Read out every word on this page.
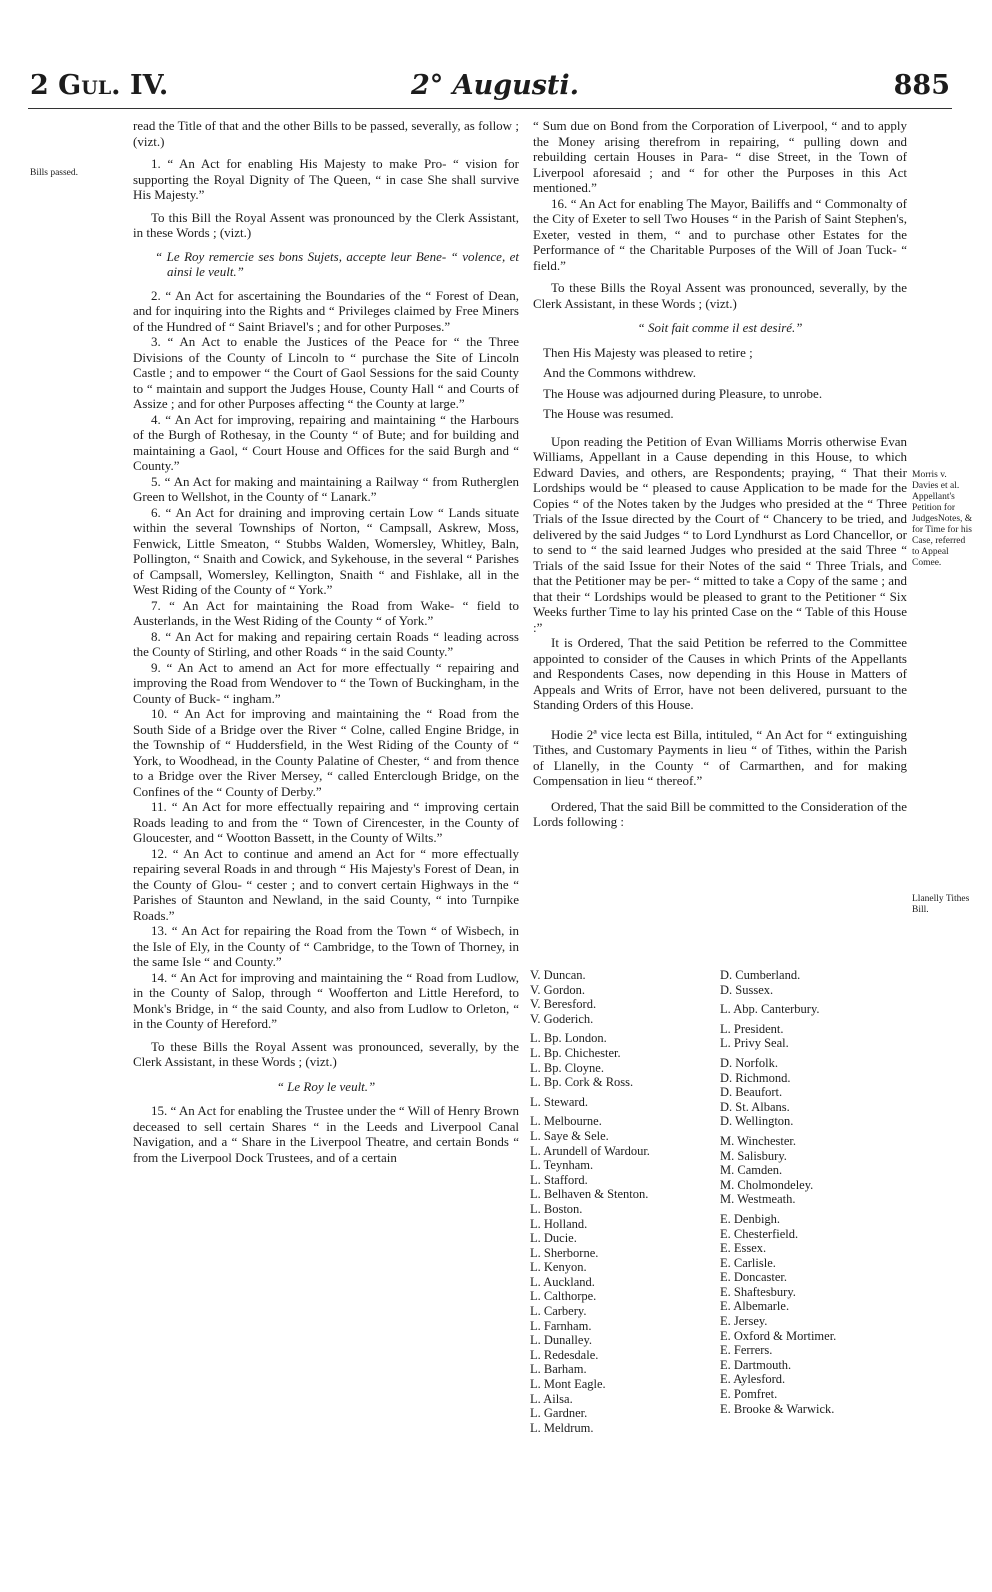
2 Gul. IV.	2° Augusti.	885
Bills passed.
Morris v. Davies et al. Appellant's Petition for JudgesNotes, & for Time for his Case, referred to Appeal Comee.
Llanelly Tithes Bill.

read the Title of that and the other Bills to be passed, severally, as follow ; (vizt.)

1. “ An Act for enabling His Majesty to make Pro- “ vision for supporting the Royal Dignity of The Queen, “ in case She shall survive His Majesty.”

To this Bill the Royal Assent was pronounced by the Clerk Assistant, in these Words ; (vizt.)

“ Le Roy remercie ses bons Sujets, accepte leur Bene- “ volence, et ainsi le veult.”

2. “ An Act for ascertaining the Boundaries of the “ Forest of Dean, and for inquiring into the Rights and “ Privileges claimed by Free Miners of the Hundred of “ Saint Briavel's ; and for other Purposes.”

3. “ An Act to enable the Justices of the Peace for “ the Three Divisions of the County of Lincoln to “ purchase the Site of Lincoln Castle ; and to empower “ the Court of Gaol Sessions for the said County to “ maintain and support the Judges House, County Hall “ and Courts of Assize ; and for other Purposes affecting “ the County at large.”

4. “ An Act for improving, repairing and maintaining “ the Harbours of the Burgh of Rothesay, in the County “ of Bute; and for building and maintaining a Gaol, “ Court House and Offices for the said Burgh and “ County.”

5. “ An Act for making and maintaining a Railway “ from Rutherglen Green to Wellshot, in the County of “ Lanark.”

6. “ An Act for draining and improving certain Low “ Lands situate within the several Townships of Norton, “ Campsall, Askrew, Moss, Fenwick, Little Smeaton, “ Stubbs Walden, Womersley, Whitley, Baln, Pollington, “ Snaith and Cowick, and Sykehouse, in the several “ Parishes of Campsall, Womersley, Kellington, Snaith “ and Fishlake, all in the West Riding of the County of “ York.”

7. “ An Act for maintaining the Road from Wake- “ field to Austerlands, in the West Riding of the County “ of York.”

8. “ An Act for making and repairing certain Roads “ leading across the County of Stirling, and other Roads “ in the said County.”

9. “ An Act to amend an Act for more effectually “ repairing and improving the Road from Wendover to “ the Town of Buckingham, in the County of Buck- “ ingham.”

10. “ An Act for improving and maintaining the “ Road from the South Side of a Bridge over the River “ Colne, called Engine Bridge, in the Township of “ Huddersfield, in the West Riding of the County of “ York, to Woodhead, in the County Palatine of Chester, “ and from thence to a Bridge over the River Mersey, “ called Enterclough Bridge, on the Confines of the “ County of Derby.”

11. “ An Act for more effectually repairing and “ improving certain Roads leading to and from the “ Town of Cirencester, in the County of Gloucester, and “ Wootton Bassett, in the County of Wilts.”

12. “ An Act to continue and amend an Act for “ more effectually repairing several Roads in and through “ His Majesty's Forest of Dean, in the County of Glou- “ cester ; and to convert certain Highways in the “ Parishes of Staunton and Newland, in the said County, “ into Turnpike Roads.”

13. “ An Act for repairing the Road from the Town “ of Wisbech, in the Isle of Ely, in the County of “ Cambridge, to the Town of Thorney, in the same Isle “ and County.”

14. “ An Act for improving and maintaining the “ Road from Ludlow, in the County of Salop, through “ Woofferton and Little Hereford, to Monk's Bridge, in “ the said County, and also from Ludlow to Orleton, “ in the County of Hereford.”

To these Bills the Royal Assent was pronounced, severally, by the Clerk Assistant, in these Words ; (vizt.)

“ Le Roy le veult.”

15. “ An Act for enabling the Trustee under the “ Will of Henry Brown deceased to sell certain Shares “ in the Leeds and Liverpool Canal Navigation, and a “ Share in the Liverpool Theatre, and certain Bonds “ from the Liverpool Dock Trustees, and of a certain

“ Sum due on Bond from the Corporation of Liverpool, “ and to apply the Money arising therefrom in repairing, “ pulling down and rebuilding certain Houses in Para- “ dise Street, in the Town of Liverpool aforesaid ; and “ for other the Purposes in this Act mentioned.”

16. “ An Act for enabling The Mayor, Bailiffs and “ Commonalty of the City of Exeter to sell Two Houses “ in the Parish of Saint Stephen's, Exeter, vested in them, “ and to purchase other Estates for the Performance of “ the Charitable Purposes of the Will of Joan Tuck- “ field.”

To these Bills the Royal Assent was pronounced, severally, by the Clerk Assistant, in these Words ; (vizt.)

“ Soit fait comme il est desiré.”

Then His Majesty was pleased to retire ;

And the Commons withdrew.

The House was adjourned during Pleasure, to unrobe.

The House was resumed.

Upon reading the Petition of Evan Williams Morris otherwise Evan Williams, Appellant in a Cause depending in this House, to which Edward Davies, and others, are Respondents; praying, “ That their Lordships would be “ pleased to cause Application to be made for the Copies “ of the Notes taken by the Judges who presided at the “ Three Trials of the Issue directed by the Court of “ Chancery to be tried, and delivered by the said Judges “ to Lord Lyndhurst as Lord Chancellor, or to send to “ the said learned Judges who presided at the said Three “ Trials of the said Issue for their Notes of the said “ Three Trials, and that the Petitioner may be per- “ mitted to take a Copy of the same ; and that their “ Lordships would be pleased to grant to the Petitioner “ Six Weeks further Time to lay his printed Case on the “ Table of this House :”

It is Ordered, That the said Petition be referred to the Committee appointed to consider of the Causes in which Prints of the Appellants and Respondents Cases, now depending in this House in Matters of Appeals and Writs of Error, have not been delivered, pursuant to the Standing Orders of this House.

Hodie 2ª vice lecta est Billa, intituled, “ An Act for “ extinguishing Tithes, and Customary Payments in lieu “ of Tithes, within the Parish of Llanelly, in the County “ of Carmarthen, and for making Compensation in lieu “ thereof.”

Ordered, That the said Bill be committed to the Consideration of the Lords following :

V. Duncan.
V. Gordon.
V. Beresford.
V. Goderich.
L. Bp. London.
L. Bp. Chichester.
L. Bp. Cloyne.
L. Bp. Cork & Ross.
L. Steward.
L. Melbourne.
L. Saye & Sele.
L. Arundell of Wardour.
L. Teynham.
L. Stafford.
L. Belhaven & Stenton.
L. Boston.
L. Holland.
L. Ducie.
L. Sherborne.
L. Kenyon.
L. Auckland.
L. Calthorpe.
L. Carbery.
L. Farnham.
L. Dunalley.
L. Redesdale.
L. Barham.
L. Mont Eagle.
L. Ailsa.
L. Gardner.
L. Meldrum.
D. Cumberland.
D. Sussex.
L. Abp. Canterbury.
L. President.
L. Privy Seal.
D. Norfolk.
D. Richmond.
D. Beaufort.
D. St. Albans.
D. Wellington.
M. Winchester.
M. Salisbury.
M. Camden.
M. Cholmondeley.
M. Westmeath.
E. Denbigh.
E. Chesterfield.
E. Essex.
E. Carlisle.
E. Doncaster.
E. Shaftesbury.
E. Albemarle.
E. Jersey.
E. Oxford & Mortimer.
E. Ferrers.
E. Dartmouth.
E. Aylesford.
E. Pomfret.
E. Brooke & Warwick.
